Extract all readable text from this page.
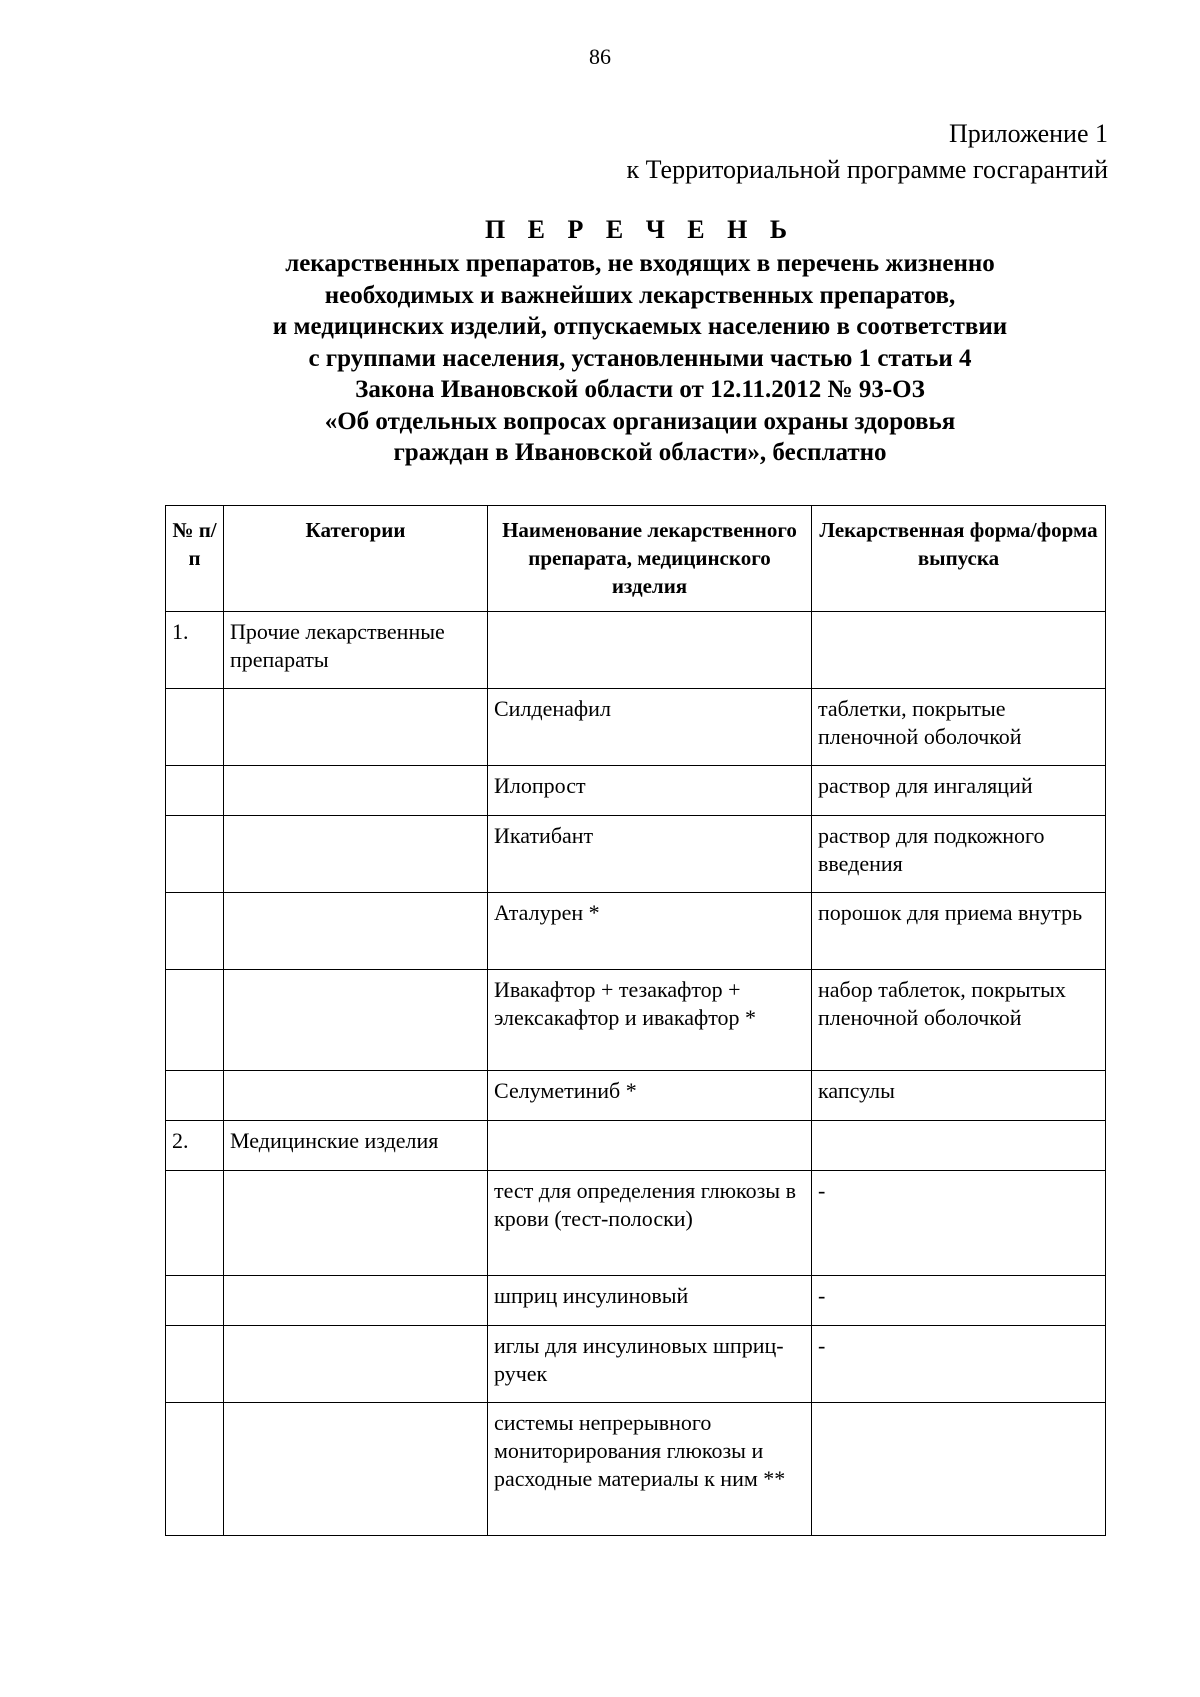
86
Приложение 1
к Территориальной программе госгарантий
П Е Р Е Ч Е Н Ь
лекарственных препаратов, не входящих в перечень жизненно
необходимых и важнейших лекарственных препаратов,
и медицинских изделий, отпускаемых населению в соответствии
с группами населения, установленными частью 1 статьи 4
Закона Ивановской области от 12.11.2012 № 93-ОЗ
«Об отдельных вопросах организации охраны здоровья
граждан в Ивановской области», бесплатно
№ п/п	Категории	Наименование лекарственного препарата, медицинского изделия	Лекарственная форма/форма выпуска
1.	Прочие лекарственные препараты		
		Силденафил	таблетки, покрытые пленочной оболочкой
		Илопрост	раствор для ингаляций
		Икатибант	раствор для подкожного введения
		Аталурен *	порошок для приема внутрь
		Ивакафтор + тезакафтор + элексакафтор и ивакафтор *	набор таблеток, покрытых пленочной оболочкой
		Селуметиниб *	капсулы
2.	Медицинские изделия		
		тест для определения глюкозы в крови (тест-полоски)	-
		шприц инсулиновый	-
		иглы для инсулиновых шприц-ручек	-
		системы непрерывного мониторирования глюкозы и расходные материалы к ним **	
